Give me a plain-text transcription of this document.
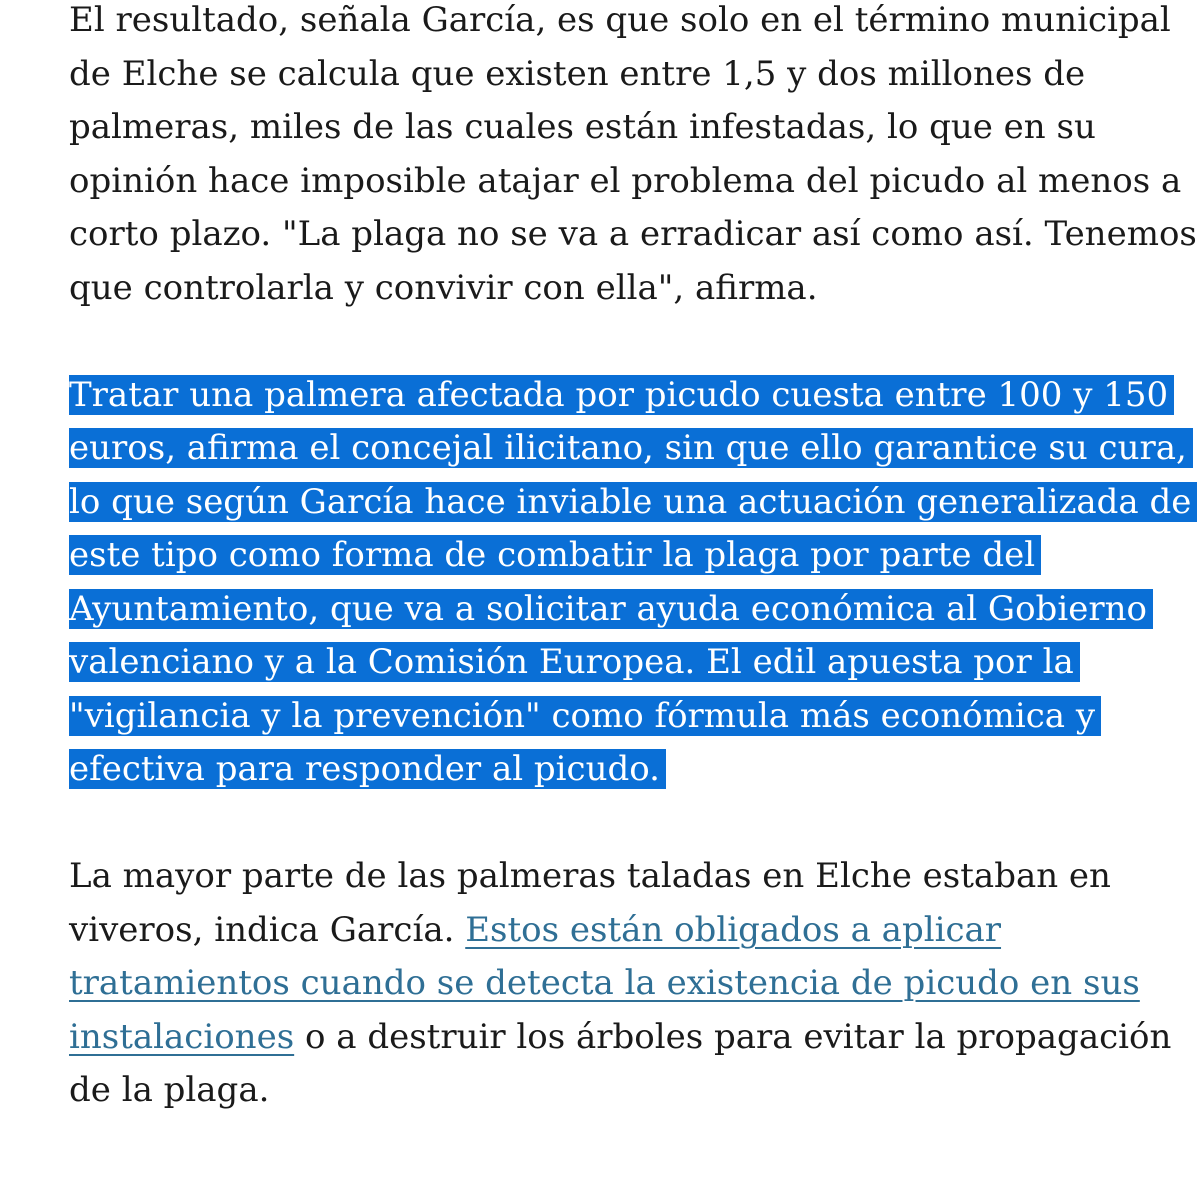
El resultado, señala García, es que solo en el término municipal
de Elche se calcula que existen entre 1,5 y dos millones de
palmeras, miles de las cuales están infestadas, lo que en su
opinión hace imposible atajar el problema del picudo al menos a
corto plazo. "La plaga no se va a erradicar así como así. Tenemos
que controlarla y convivir con ella", afirma.

Tratar una palmera afectada por picudo cuesta entre 100 y 150
euros, afirma el concejal ilicitano, sin que ello garantice su cura,
lo que según García hace inviable una actuación generalizada de
este tipo como forma de combatir la plaga por parte del
Ayuntamiento, que va a solicitar ayuda económica al Gobierno
valenciano y a la Comisión Europea. El edil apuesta por la
"vigilancia y la prevención" como fórmula más económica y
efectiva para responder al picudo.

La mayor parte de las palmeras taladas en Elche estaban en
viveros, indica García. Estos están obligados a aplicar
tratamientos cuando se detecta la existencia de picudo en sus
instalaciones o a destruir los árboles para evitar la propagación
de la plaga.
